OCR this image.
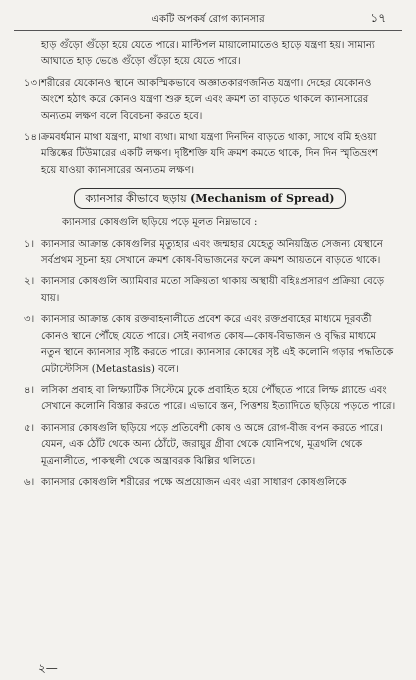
একটি অপকর্ষ রোগ ক্যানসার	১৭

হাড় গুঁড়ো গুঁড়ো হয়ে যেতে পারে। মাল্টিপল মায়ালোমাতেও হাড়ে যন্ত্রণা হয়। সামান্য আঘাতে হাড় ভেঙে গুঁড়ো গুঁড়ো হয়ে যেতে পারে।

১৩। শরীরের যেকোনও স্থানে আকস্মিকভাবে অজ্ঞাতকারণজনিত যন্ত্রণা। দেহের যেকোনও অংশে হঠাৎ করে কোনও যন্ত্রণা শুরু হলে এবং ক্রমশ তা বাড়তে থাকলে ক্যানসারের অন্যতম লক্ষণ বলে বিবেচনা করতে হবে।

১৪। ক্রমবর্ধমান মাথা যন্ত্রণা, মাথা ব্যথা। মাথা যন্ত্রণা দিনদিন বাড়তে থাকা, সাথে বমি হওয়া মস্তিষ্কের টিউমারের একটি লক্ষণ। দৃষ্টিশক্তি যদি ক্রমশ কমতে থাকে, দিন দিন স্মৃতিভ্রংশ হয়ে যাওয়া ক্যানসারের অন্যতম লক্ষণ।

ক্যানসার কীভাবে ছড়ায় (Mechanism of Spread)

ক্যানসার কোষগুলি ছড়িয়ে পড়ে মূলত নিম্নভাবে :

১। ক্যানসার আক্রান্ত কোষগুলির মৃত্যুহার এবং জন্মহার যেহেতু অনিয়ন্ত্রিত সেজন্য যেস্থানে সর্বপ্রথম সূচনা হয় সেখানে ক্রমশ কোষ-বিভাজনের ফলে ক্রমশ আয়তনে বাড়তে থাকে।

২। ক্যানসার কোষগুলি অ্যামিবার মতো সক্রিয়তা থাকায় অস্থায়ী বহিঃপ্রসারণ প্রক্রিয়া বেড়ে যায়।

৩। ক্যানসার আক্রান্ত কোষ রক্তবাহনালীতে প্রবেশ করে এবং রক্তপ্রবাহের মাধ্যমে দূরবর্তী কোনও স্থানে পৌঁছে যেতে পারে। সেই নবাগত কোষ—কোষ-বিভাজন ও বৃদ্ধির মাধ্যমে নতুন স্থানে ক্যানসার সৃষ্টি করতে পারে। ক্যানসার কোষের সৃষ্ট এই কলোনি গড়ার পদ্ধতিকে মেটাস্টেসিস (Metastasis) বলে।

৪। লসিকা প্রবাহ বা লিম্ফ্যাটিক সিস্টেমে ঢুকে প্রবাহিত হয়ে পৌঁছতে পারে লিম্ফ গ্ল্যান্ডে এবং সেখানে কলোনি বিস্তার করতে পারে। এভাবে স্তন, পিত্তশয় ইত্যাদিতে ছড়িয়ে পড়তে পারে।

৫। ক্যানসার কোষগুলি ছড়িয়ে পড়ে প্রতিবেশী কোষ ও অঙ্গে রোগ-বীজ বপন করতে পারে। যেমন, এক ঠোঁট থেকে অন্য ঠোঁটে, জরায়ুর গ্রীবা থেকে যোনিপথে, মূত্রথলি থেকে মূত্রনালীতে, পাকস্থলী থেকে অন্ত্রাবরক ঝিল্লির থলিতে।

৬। ক্যানসার কোষগুলি শরীরের পক্ষে অপ্রয়োজন এবং এরা সাধারণ কোষগুলিকে

২—
